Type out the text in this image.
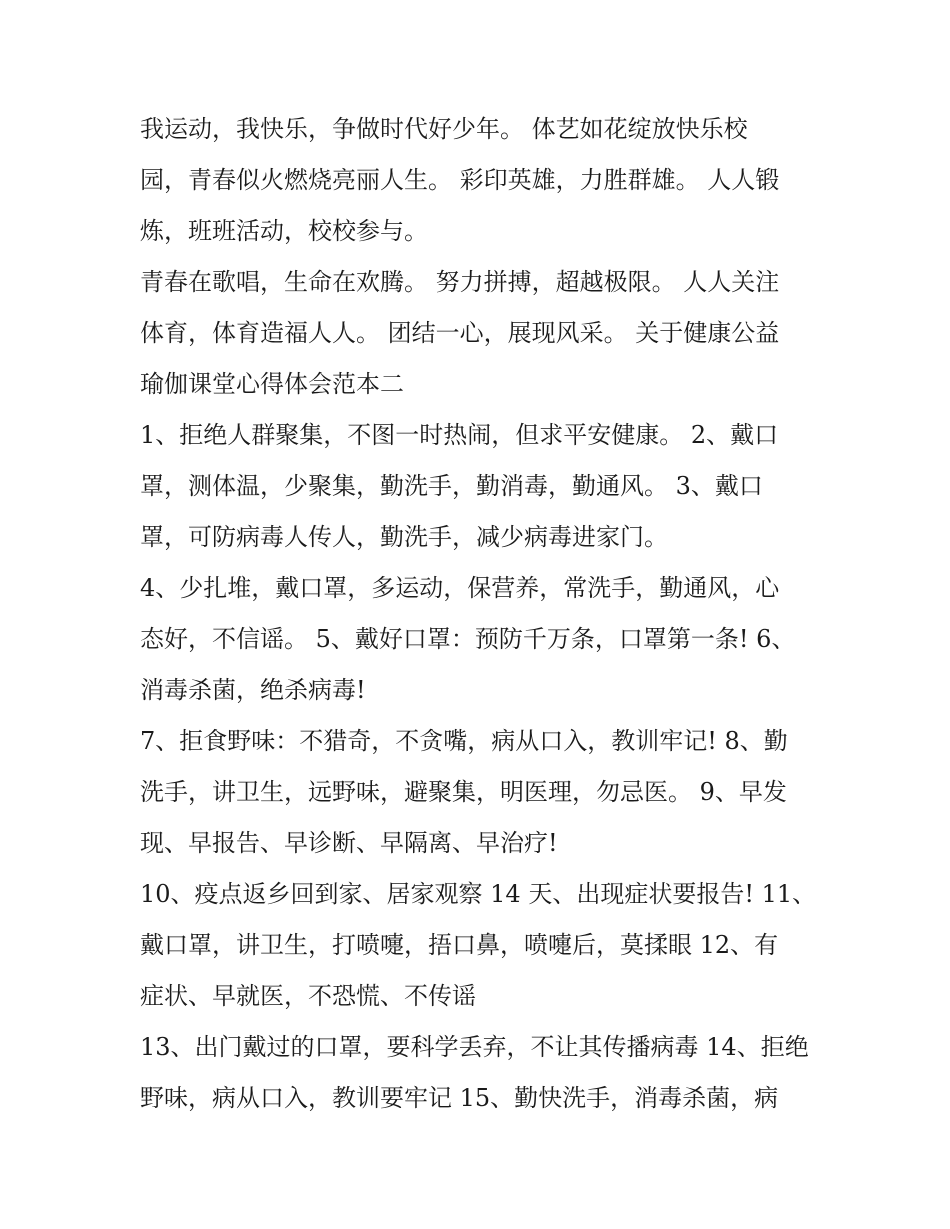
我运动，我快乐，争做时代好少年。 体艺如花绽放快乐校
园，青春似火燃烧亮丽人生。 彩印英雄，力胜群雄。 人人锻
炼，班班活动，校校参与。

青春在歌唱，生命在欢腾。 努力拼搏，超越极限。 人人关注
体育，体育造福人人。 团结一心，展现风采。 关于健康公益
瑜伽课堂心得体会范本二

1、拒绝人群聚集，不图一时热闹，但求平安健康。 2、戴口
罩，测体温，少聚集，勤洗手，勤消毒，勤通风。 3、戴口
罩，可防病毒人传人，勤洗手，减少病毒进家门。

4、少扎堆，戴口罩，多运动，保营养，常洗手，勤通风，心
态好，不信谣。 5、戴好口罩：预防千万条，口罩第一条! 6、
消毒杀菌，绝杀病毒!

7、拒食野味：不猎奇，不贪嘴，病从口入，教训牢记! 8、勤
洗手，讲卫生，远野味，避聚集，明医理，勿忌医。 9、早发
现、早报告、早诊断、早隔离、早治疗!

10、疫点返乡回到家、居家观察 14 天、出现症状要报告! 11、
戴口罩，讲卫生，打喷嚏，捂口鼻，喷嚏后，莫揉眼 12、有
症状、早就医，不恐慌、不传谣

13、出门戴过的口罩，要科学丢弃，不让其传播病毒 14、拒绝
野味，病从口入，教训要牢记 15、勤快洗手，消毒杀菌，病
